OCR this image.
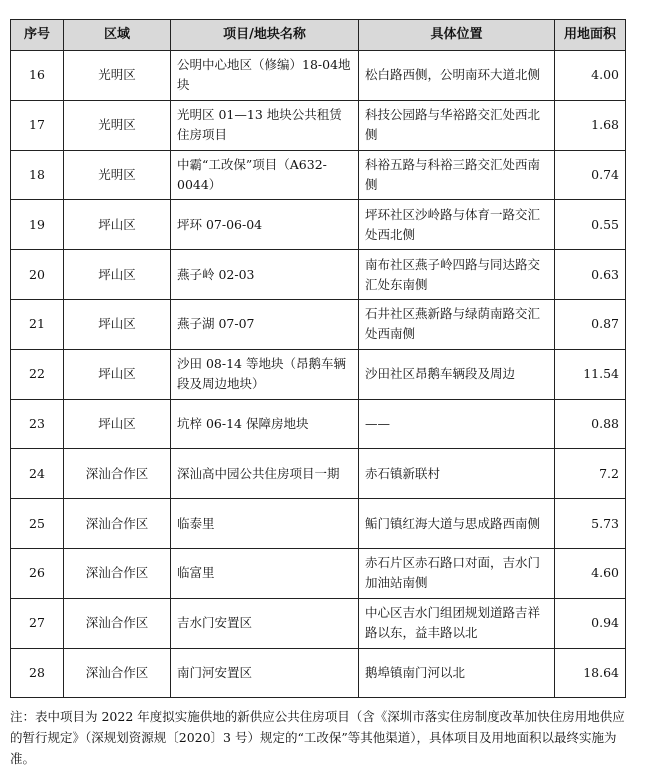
序号	区域	项目/地块名称	具体位置	用地面积
16	光明区	公明中心地区（修编）18-04地块	松白路西侧，公明南环大道北侧	4.00
17	光明区	光明区 01—13 地块公共租赁住房项目	科技公园路与华裕路交汇处西北侧	1.68
18	光明区	中霸“工改保”项目（A632-0044）	科裕五路与科裕三路交汇处西南侧	0.74
19	坪山区	坪环 07-06-04	坪环社区沙岭路与体育一路交汇处西北侧	0.55
20	坪山区	燕子岭 02-03	南布社区燕子岭四路与同达路交汇处东南侧	0.63
21	坪山区	燕子湖 07-07	石井社区燕新路与绿荫南路交汇处西南侧	0.87
22	坪山区	沙田 08-14 等地块（昂鹅车辆段及周边地块）	沙田社区昂鹅车辆段及周边	11.54
23	坪山区	坑梓 06-14 保障房地块	——	0.88
24	深汕合作区	深汕高中园公共住房项目一期	赤石镇新联村	7.2
25	深汕合作区	临泰里	鲘门镇红海大道与思成路西南侧	5.73
26	深汕合作区	临富里	赤石片区赤石路口对面，吉水门加油站南侧	4.60
27	深汕合作区	吉水门安置区	中心区吉水门组团规划道路吉祥路以东，益丰路以北	0.94
28	深汕合作区	南门河安置区	鹅埠镇南门河以北	18.64

注：表中项目为 2022 年度拟实施供地的新供应公共住房项目（含《深圳市落实住房制度改革加快住房用地供应的暂行规定》（深规划资源规〔2020〕3 号）规定的“工改保”等其他渠道），具体项目及用地面积以最终实施为准。
